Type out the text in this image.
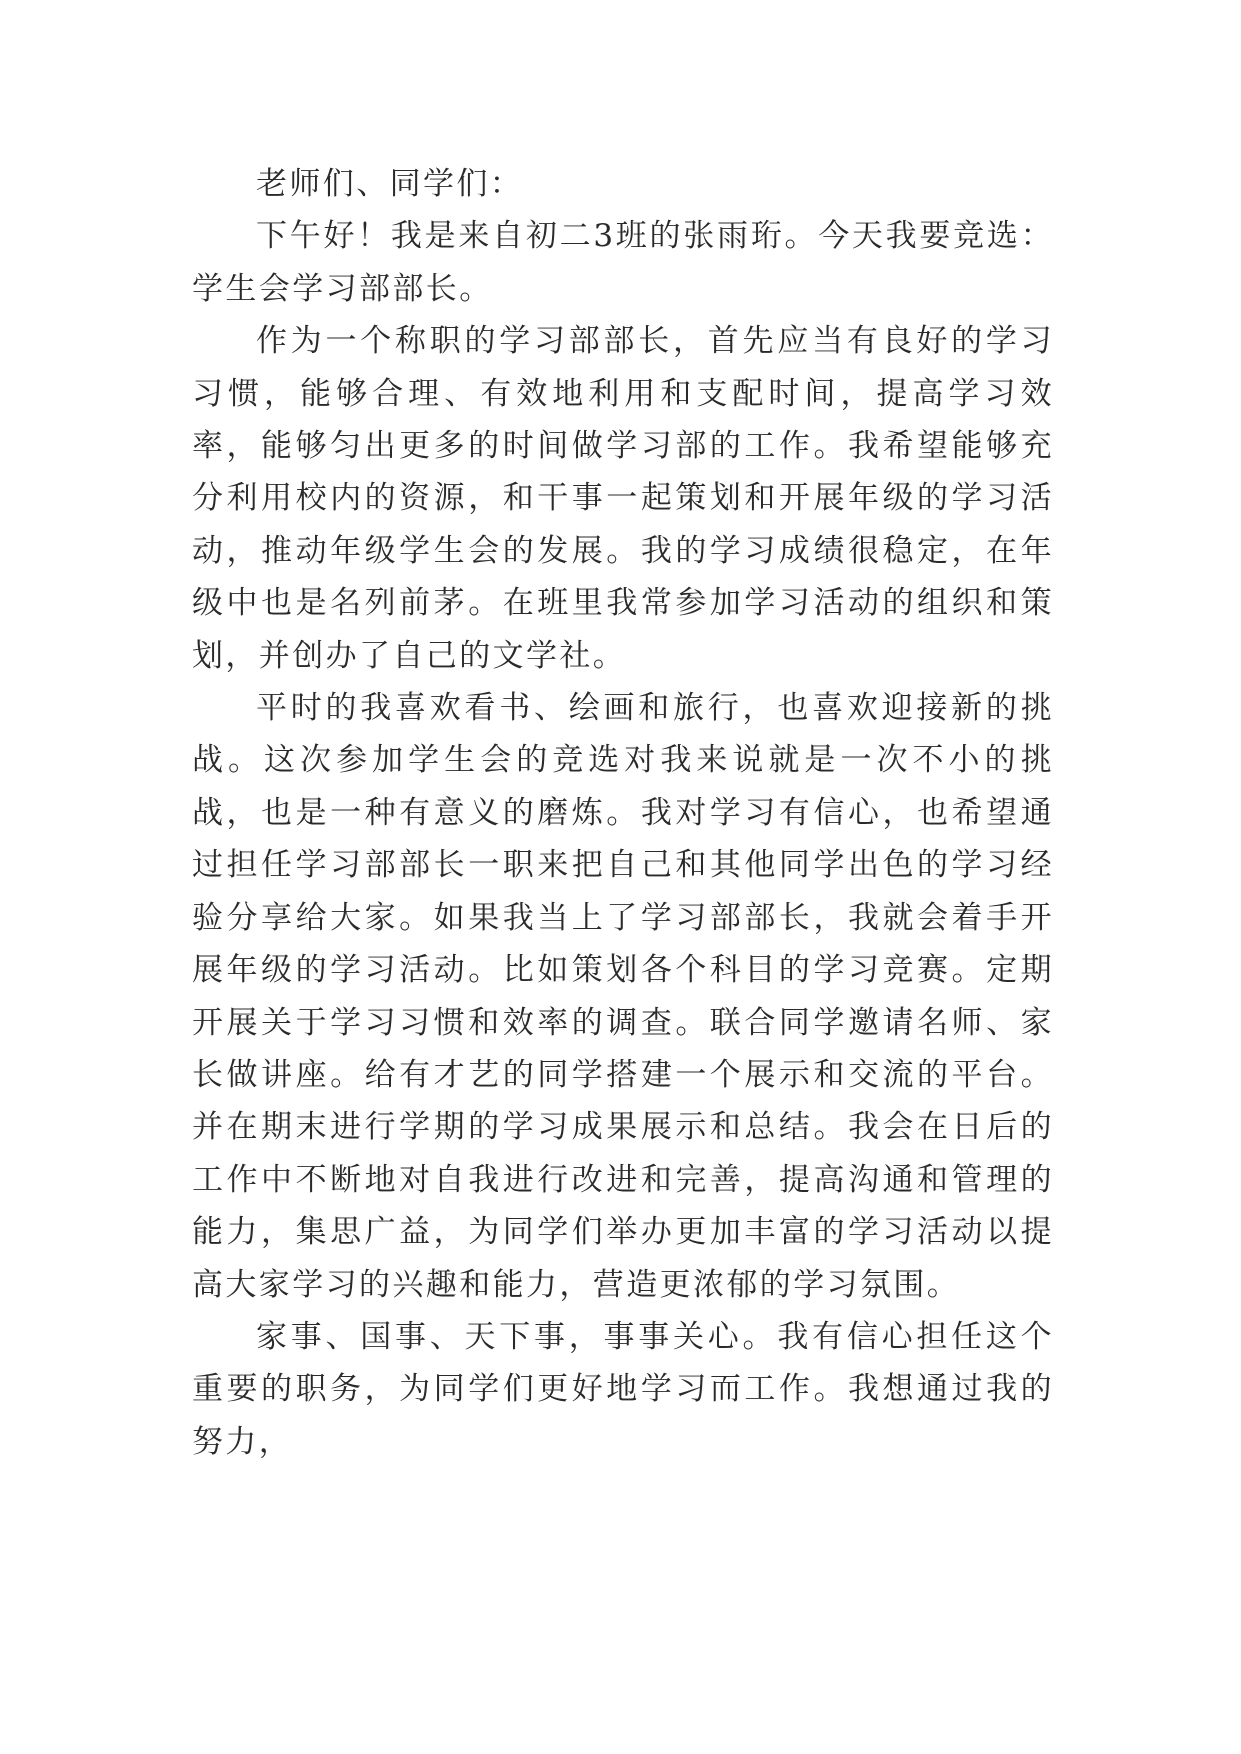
老师们、同学们：

下午好！我是来自初二3班的张雨珩。今天我要竞选：学生会学习部部长。

作为一个称职的学习部部长，首先应当有良好的学习习惯，能够合理、有效地利用和支配时间，提高学习效率，能够匀出更多的时间做学习部的工作。我希望能够充分利用校内的资源，和干事一起策划和开展年级的学习活动，推动年级学生会的发展。我的学习成绩很稳定，在年级中也是名列前茅。在班里我常参加学习活动的组织和策划，并创办了自己的文学社。

平时的我喜欢看书、绘画和旅行，也喜欢迎接新的挑战。这次参加学生会的竞选对我来说就是一次不小的挑战，也是一种有意义的磨炼。我对学习有信心，也希望通过担任学习部部长一职来把自己和其他同学出色的学习经验分享给大家。如果我当上了学习部部长，我就会着手开展年级的学习活动。比如策划各个科目的学习竞赛。定期开展关于学习习惯和效率的调查。联合同学邀请名师、家长做讲座。给有才艺的同学搭建一个展示和交流的平台。并在期末进行学期的学习成果展示和总结。我会在日后的工作中不断地对自我进行改进和完善，提高沟通和管理的能力，集思广益，为同学们举办更加丰富的学习活动以提高大家学习的兴趣和能力，营造更浓郁的学习氛围。

家事、国事、天下事，事事关心。我有信心担任这个重要的职务，为同学们更好地学习而工作。我想通过我的努力，
